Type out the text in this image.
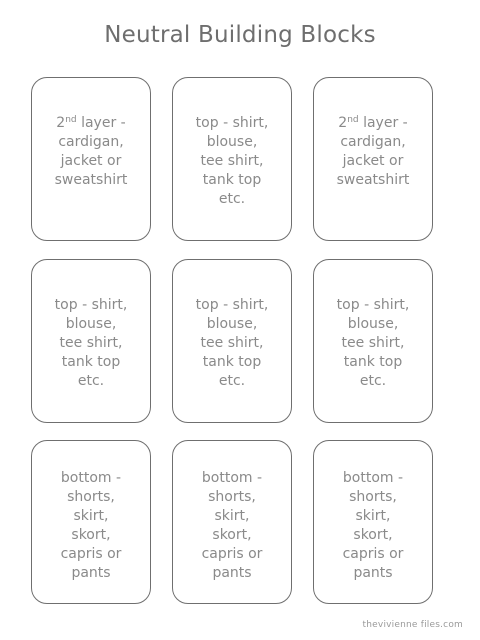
Neutral Building Blocks
2nd layer -
cardigan,
jacket or
sweatshirt
top - shirt,
blouse,
tee shirt,
tank top
etc.
2nd layer -
cardigan,
jacket or
sweatshirt
top - shirt,
blouse,
tee shirt,
tank top
etc.
top - shirt,
blouse,
tee shirt,
tank top
etc.
top - shirt,
blouse,
tee shirt,
tank top
etc.
bottom -
shorts,
skirt,
skort,
capris or
pants
bottom -
shorts,
skirt,
skort,
capris or
pants
bottom -
shorts,
skirt,
skort,
capris or
pants
thevivienne files.com
